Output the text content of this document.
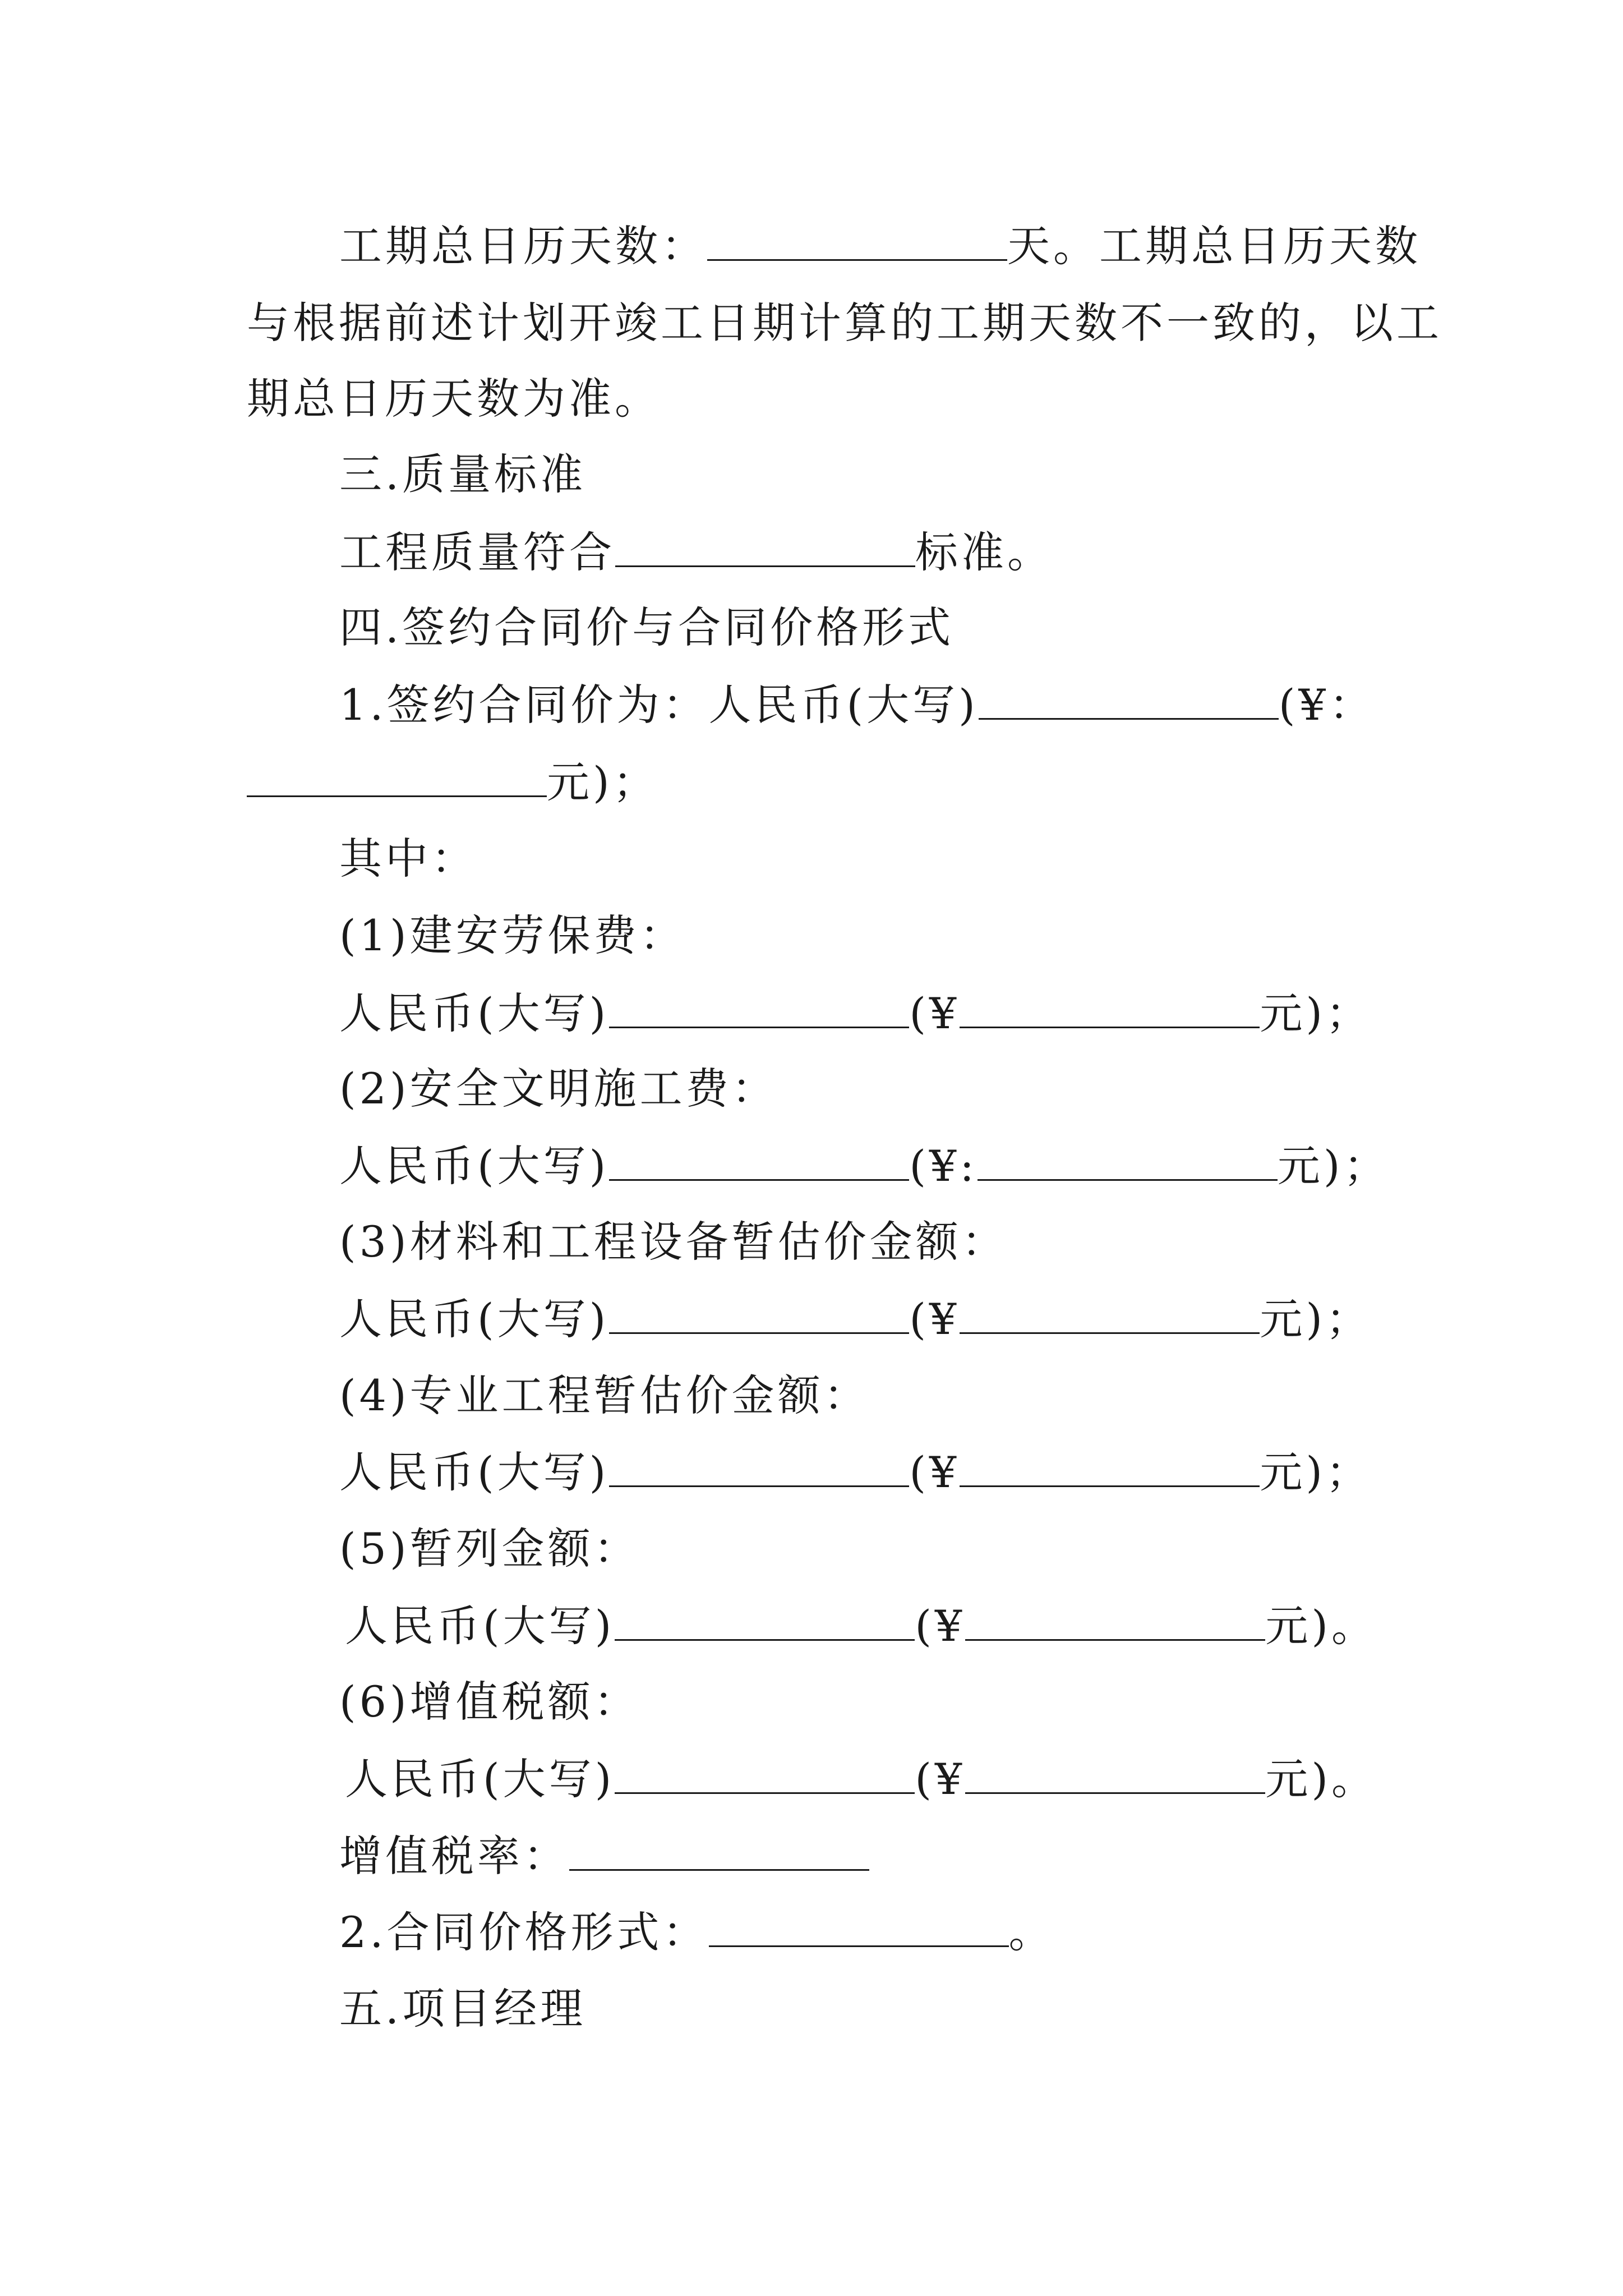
工期总日历天数：	天。工期总日历天数
与根据前述计划开竣工日期计算的工期天数不一致的，以工
期总日历天数为准。
三.质量标准
工程质量符合	标准。
四.签约合同价与合同价格形式
1.签约合同价为：人民币(大写)	(¥：
元)；
其中：
(1)建安劳保费：
人民币(大写)	(¥	元)；
(2)安全文明施工费：
人民币(大写)	(¥:	元)；
(3)材料和工程设备暂估价金额：
人民币(大写)	(¥	元)；
(4)专业工程暂估价金额：
人民币(大写)	(¥	元)；
(5)暂列金额：
人民币(大写)	(¥	元)。
(6)增值税额：
人民币(大写)	(¥	元)。
增值税率：
2.合同价格形式：	。
五.项目经理
